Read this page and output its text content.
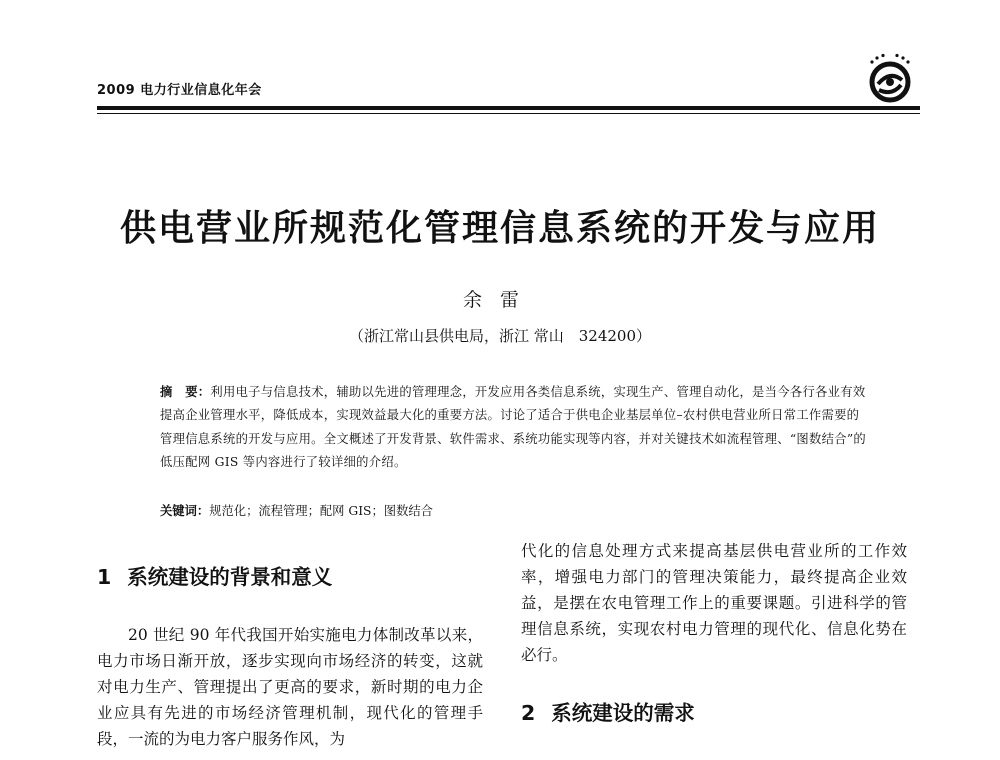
2009 电力行业信息化年会
供电营业所规范化管理信息系统的开发与应用
余雷
（浙江常山县供电局，浙江 常山　324200）
摘　要：利用电子与信息技术，辅助以先进的管理理念，开发应用各类信息系统，实现生产、管理自动化，是当今各行各业有效提高企业管理水平，降低成本，实现效益最大化的重要方法。讨论了适合于供电企业基层单位–农村供电营业所日常工作需要的管理信息系统的开发与应用。全文概述了开发背景、软件需求、系统功能实现等内容，并对关键技术如流程管理、“图数结合”的低压配网 GIS 等内容进行了较详细的介绍。
关键词：规范化；流程管理；配网 GIS；图数结合
1 系统建设的背景和意义

20 世纪 90 年代我国开始实施电力体制改革以来，电力市场日渐开放，逐步实现向市场经济的转变，这就对电力生产、管理提出了更高的要求，新时期的电力企业应具有先进的市场经济管理机制，现代化的管理手段，一流的为电力客户服务作风，为

代化的信息处理方式来提高基层供电营业所的工作效率，增强电力部门的管理决策能力，最终提高企业效益，是摆在农电管理工作上的重要课题。引进科学的管理信息系统，实现农村电力管理的现代化、信息化势在必行。

2 系统建设的需求
